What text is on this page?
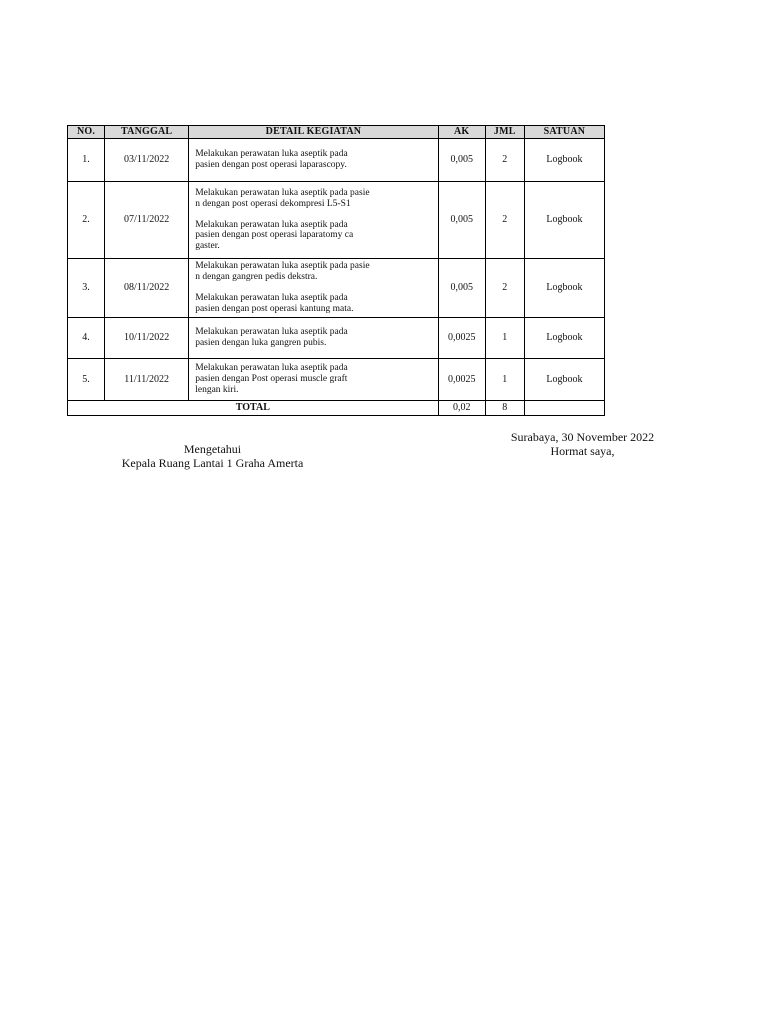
NO.	TANGGAL	DETAIL KEGIATAN	AK	JML	SATUAN
1.	03/11/2022	Melakukan perawatan luka aseptik pada
pasien dengan post operasi laparascopy.	0,005	2	Logbook
2.	07/11/2022	Melakukan perawatan luka aseptik pada pasie
n dengan post operasi dekompresi L5-S1
Melakukan perawatan luka aseptik pada
pasien dengan post operasi laparatomy ca
gaster.	0,005	2	Logbook
3.	08/11/2022	Melakukan perawatan luka aseptik pada pasie
n dengan gangren pedis dekstra.
Melakukan perawatan luka aseptik pada
pasien dengan post operasi kantung mata.	0,005	2	Logbook
4.	10/11/2022	Melakukan perawatan luka aseptik pada
pasien dengan luka gangren pubis.	0,0025	1	Logbook
5.	11/11/2022	Melakukan perawatan luka aseptik pada
pasien dengan Post operasi muscle graft
lengan kiri.	0,0025	1	Logbook
TOTAL			0,02	8	
Mengetahui
Kepala Ruang Lantai 1 Graha Amerta
Surabaya, 30 November 2022
Hormat saya,
